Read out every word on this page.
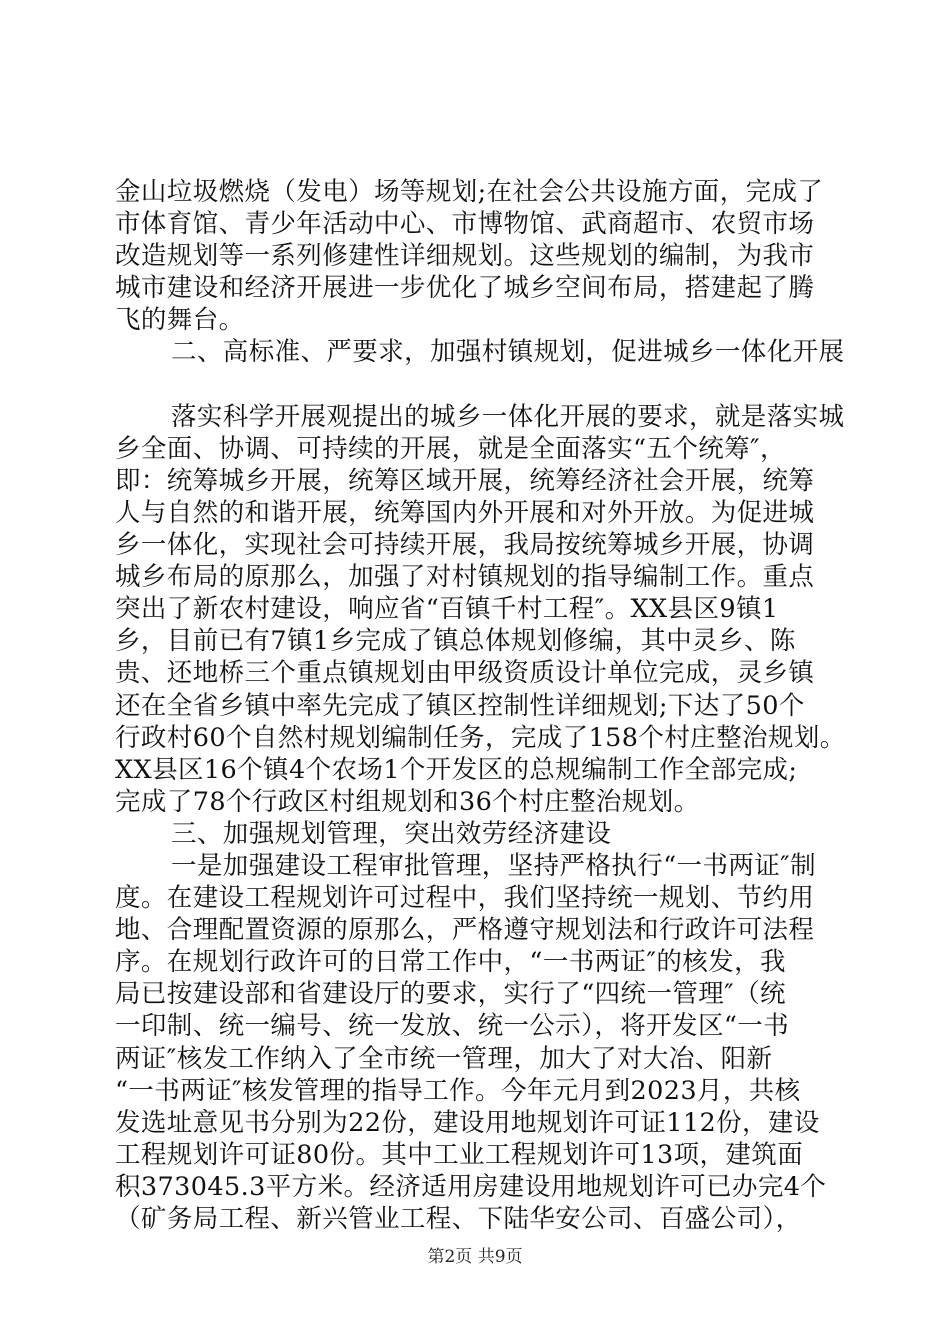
金山垃圾燃烧（发电）场等规划;在社会公共设施方面，完成了
市体育馆、青少年活动中心、市博物馆、武商超市、农贸市场
改造规划等一系列修建性详细规划。这些规划的编制，为我市
城市建设和经济开展进一步优化了城乡空间布局，搭建起了腾
飞的舞台。
二、高标准、严要求，加强村镇规划，促进城乡一体化开展
落实科学开展观提出的城乡一体化开展的要求，就是落实城
乡全面、协调、可持续的开展，就是全面落实“五个统筹″，
即：统筹城乡开展，统筹区域开展，统筹经济社会开展，统筹
人与自然的和谐开展，统筹国内外开展和对外开放。为促进城
乡一体化，实现社会可持续开展，我局按统筹城乡开展，协调
城乡布局的原那么，加强了对村镇规划的指导编制工作。重点
突出了新农村建设，响应省“百镇千村工程″。XX县区9镇1
乡，目前已有7镇1乡完成了镇总体规划修编，其中灵乡、陈
贵、还地桥三个重点镇规划由甲级资质设计单位完成，灵乡镇
还在全省乡镇中率先完成了镇区控制性详细规划;下达了50个
行政村60个自然村规划编制任务，完成了158个村庄整治规划。
XX县区16个镇4个农场1个开发区的总规编制工作全部完成;
完成了78个行政区村组规划和36个村庄整治规划。
三、加强规划管理，突出效劳经济建设
一是加强建设工程审批管理，坚持严格执行“一书两证″制
度。在建设工程规划许可过程中，我们坚持统一规划、节约用
地、合理配置资源的原那么，严格遵守规划法和行政许可法程
序。在规划行政许可的日常工作中，“一书两证″的核发，我
局已按建设部和省建设厅的要求，实行了“四统一管理″（统
一印制、统一编号、统一发放、统一公示），将开发区“一书
两证″核发工作纳入了全市统一管理，加大了对大冶、阳新
“一书两证″核发管理的指导工作。今年元月到2023月，共核
发选址意见书分别为22份，建设用地规划许可证112份，建设
工程规划许可证80份。其中工业工程规划许可13项，建筑面
积373045.3平方米。经济适用房建设用地规划许可已办完4个
（矿务局工程、新兴管业工程、下陆华安公司、百盛公司），
第2页 共9页
